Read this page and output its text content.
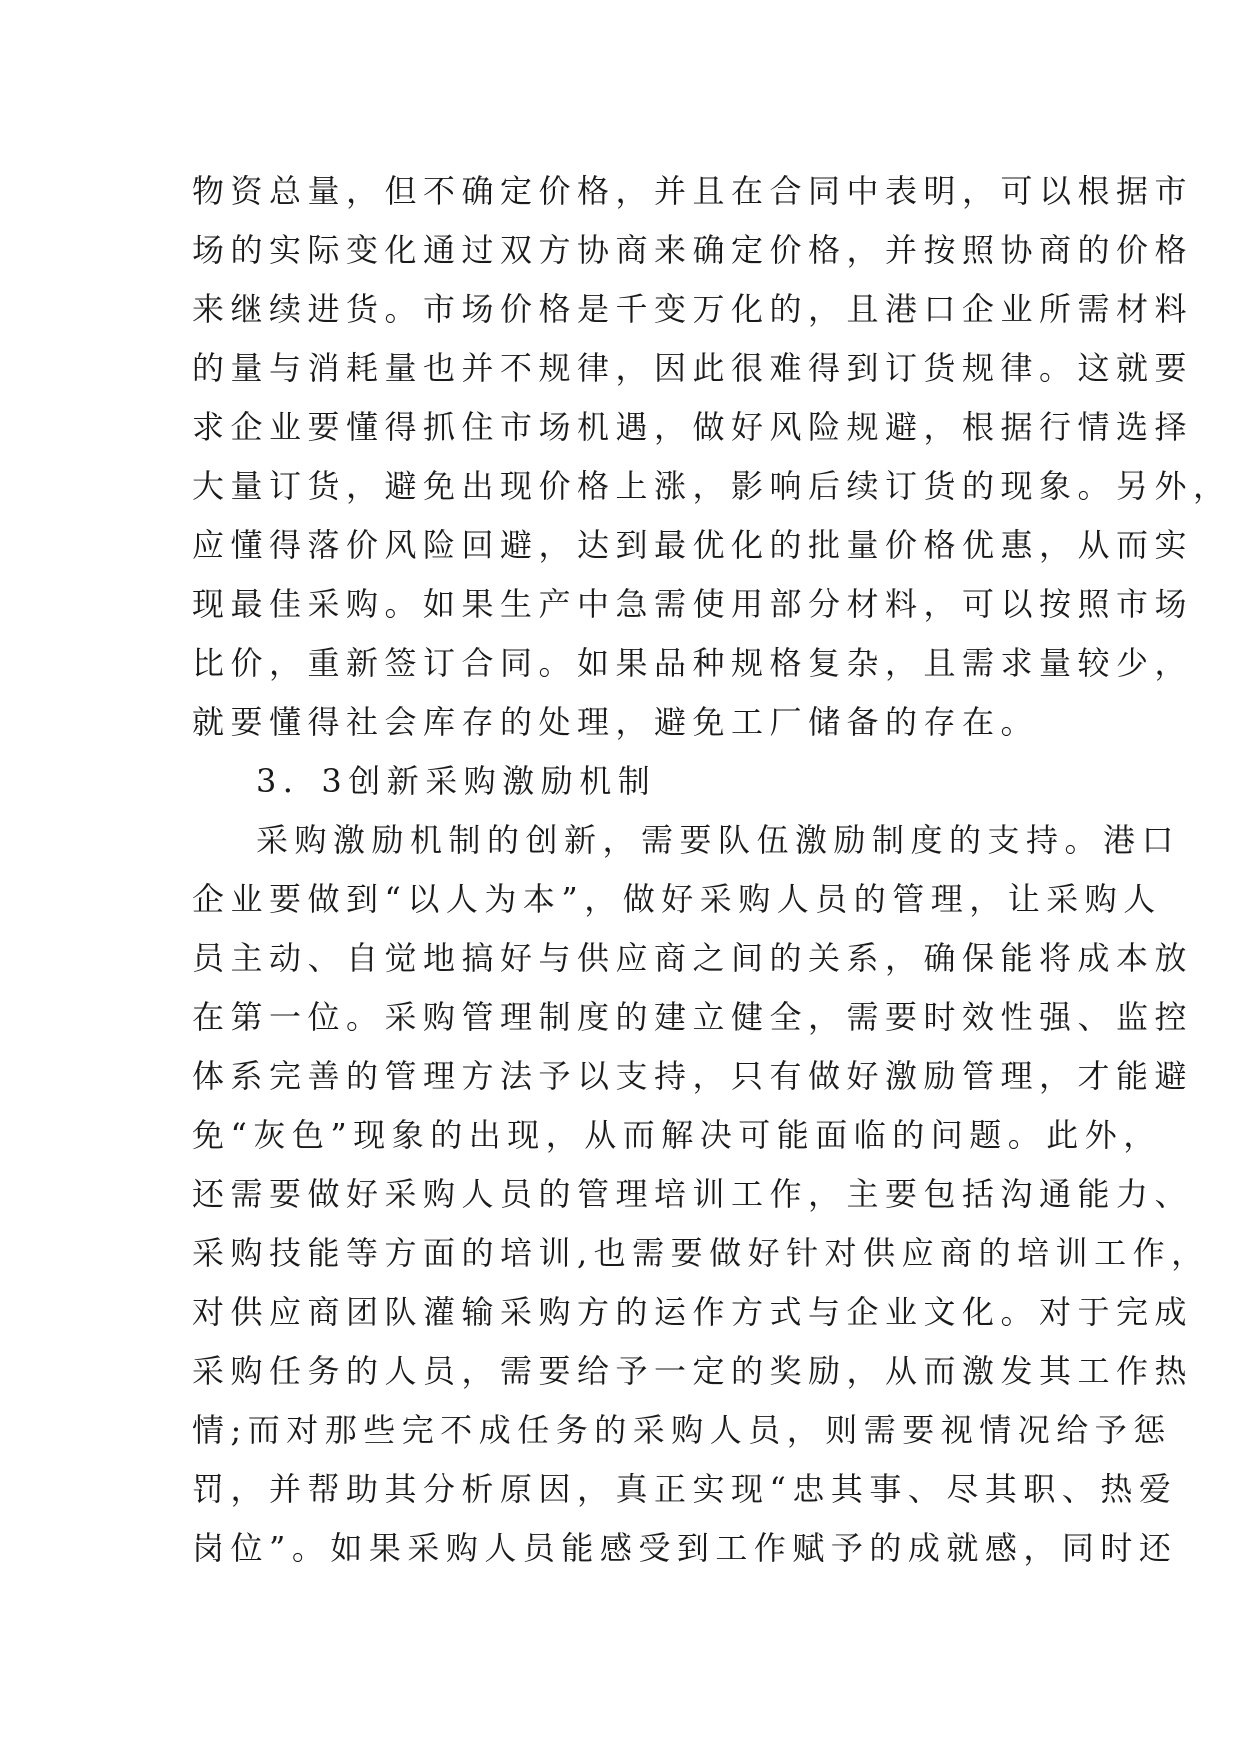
物资总量，但不确定价格，并且在合同中表明，可以根据市
场的实际变化通过双方协商来确定价格，并按照协商的价格
来继续进货。市场价格是千变万化的，且港口企业所需材料
的量与消耗量也并不规律，因此很难得到订货规律。这就要
求企业要懂得抓住市场机遇，做好风险规避，根据行情选择
大量订货，避免出现价格上涨，影响后续订货的现象。另外，
应懂得落价风险回避，达到最优化的批量价格优惠，从而实
现最佳采购。如果生产中急需使用部分材料，可以按照市场
比价，重新签订合同。如果品种规格复杂，且需求量较少，
就要懂得社会库存的处理，避免工厂储备的存在。
3．3创新采购激励机制
采购激励机制的创新，需要队伍激励制度的支持。港口
企业要做到“以人为本”，做好采购人员的管理，让采购人
员主动、自觉地搞好与供应商之间的关系，确保能将成本放
在第一位。采购管理制度的建立健全，需要时效性强、监控
体系完善的管理方法予以支持，只有做好激励管理，才能避
免“灰色”现象的出现，从而解决可能面临的问题。此外，
还需要做好采购人员的管理培训工作，主要包括沟通能力、
采购技能等方面的培训,也需要做好针对供应商的培训工作，
对供应商团队灌输采购方的运作方式与企业文化。对于完成
采购任务的人员，需要给予一定的奖励，从而激发其工作热
情;而对那些完不成任务的采购人员，则需要视情况给予惩
罚，并帮助其分析原因，真正实现“忠其事、尽其职、热爱
岗位”。如果采购人员能感受到工作赋予的成就感，同时还
